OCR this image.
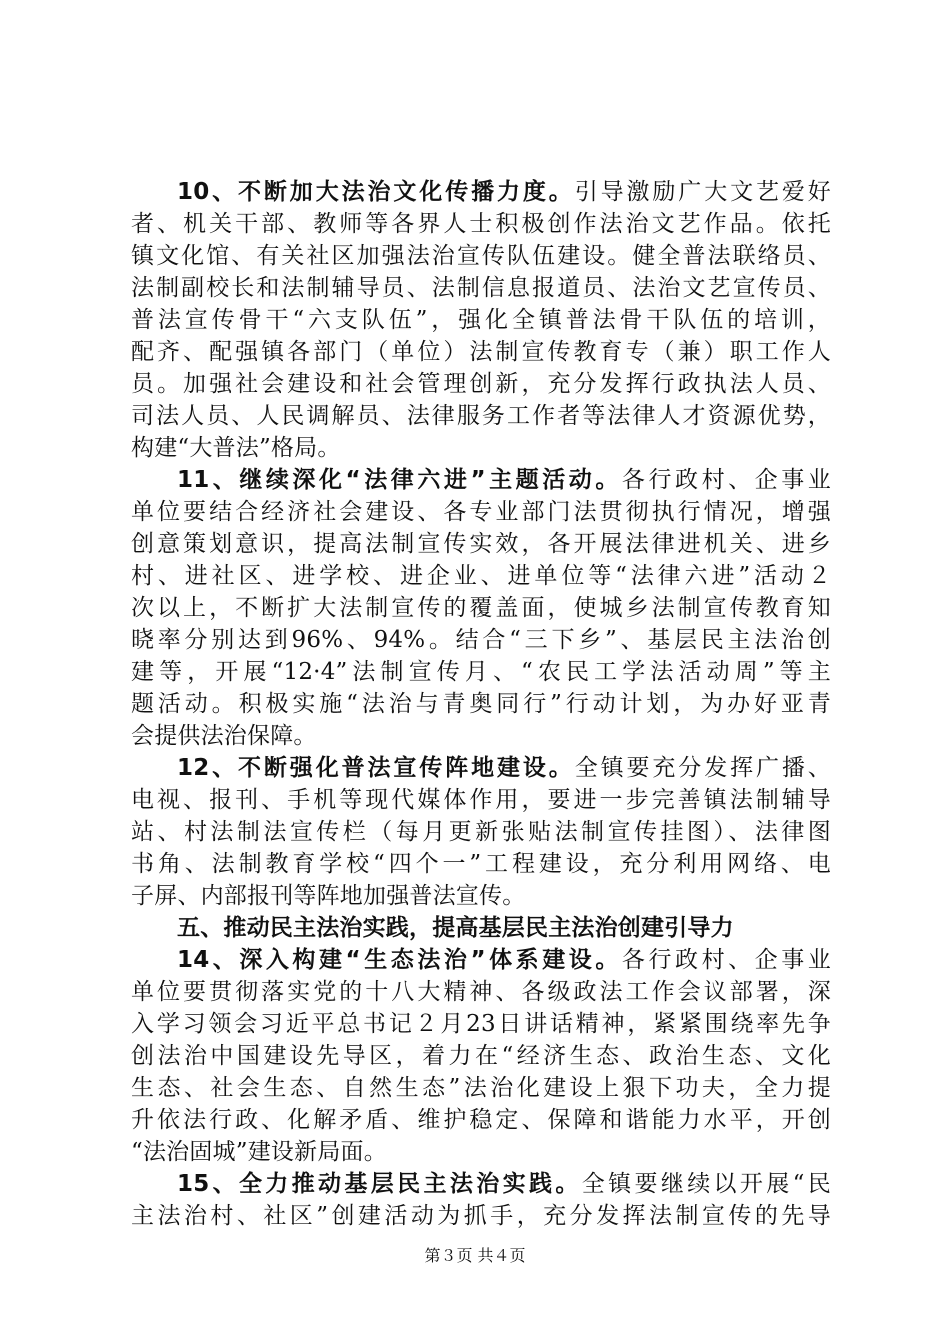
10、不断加大法治文化传播力度。引导激励广大文艺爱好
者、机关干部、教师等各界人士积极创作法治文艺作品。依托
镇文化馆、有关社区加强法治宣传队伍建设。健全普法联络员、
法制副校长和法制辅导员、法制信息报道员、法治文艺宣传员、
普法宣传骨干“六支队伍”，强化全镇普法骨干队伍的培训，
配齐、配强镇各部门（单位）法制宣传教育专（兼）职工作人
员。加强社会建设和社会管理创新，充分发挥行政执法人员、
司法人员、人民调解员、法律服务工作者等法律人才资源优势，
构建“大普法”格局。
11、继续深化“法律六进”主题活动。各行政村、企事业
单位要结合经济社会建设、各专业部门法贯彻执行情况，增强
创意策划意识，提高法制宣传实效，各开展法律进机关、进乡
村、进社区、进学校、进企业、进单位等“法律六进”活动２
次以上，不断扩大法制宣传的覆盖面，使城乡法制宣传教育知
晓率分别达到96%、94%。结合“三下乡”、基层民主法治创
建等，开展“12·4”法制宣传月、“农民工学法活动周”等主
题活动。积极实施“法治与青奥同行”行动计划，为办好亚青
会提供法治保障。
12、不断强化普法宣传阵地建设。全镇要充分发挥广播、
电视、报刊、手机等现代媒体作用，要进一步完善镇法制辅导
站、村法制法宣传栏（每月更新张贴法制宣传挂图）、法律图
书角、法制教育学校“四个一”工程建设，充分利用网络、电
子屏、内部报刊等阵地加强普法宣传。
五、推动民主法治实践，提高基层民主法治创建引导力
14、深入构建“生态法治”体系建设。各行政村、企事业
单位要贯彻落实党的十八大精神、各级政法工作会议部署，深
入学习领会习近平总书记２月23日讲话精神，紧紧围绕率先争
创法治中国建设先导区，着力在“经济生态、政治生态、文化
生态、社会生态、自然生态”法治化建设上狠下功夫，全力提
升依法行政、化解矛盾、维护稳定、保障和谐能力水平，开创
“法治固城”建设新局面。
15、全力推动基层民主法治实践。全镇要继续以开展“民
主法治村、社区”创建活动为抓手，充分发挥法制宣传的先导
第３页 共４页
